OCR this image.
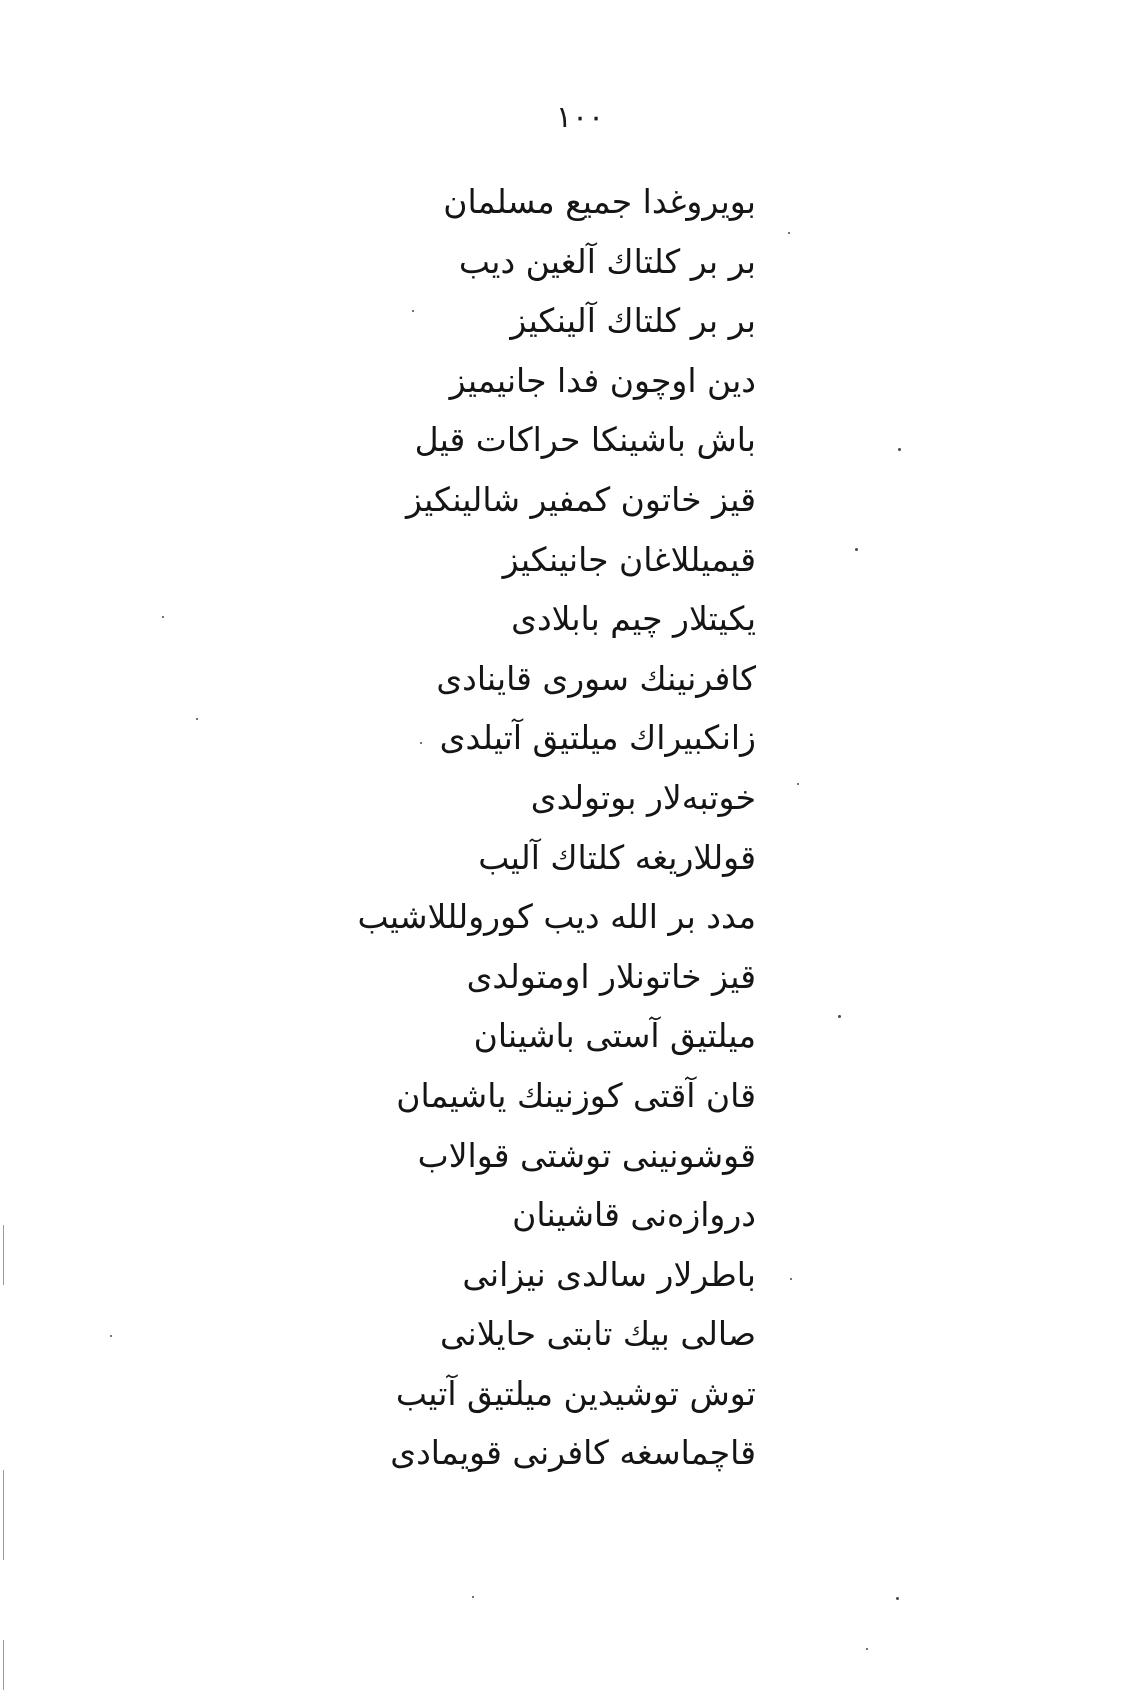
۱۰۰
بويروغدا جميع مسلمان
بر بر كلتاك آلغين ديب
بر بر كلتاك آلينكيز
دين اوچون فدا جانيميز
باش باشينكا حراكات قيل
قيز خاتون كمفير شالينكيز
قيميللاغان جانينكيز
يكيتلار چيم بابلادى
كافرنينك سورى قاينادى
زانكبيراك ميلتيق آتيلدى
خوتبه‌لار بوتولدى
قوللاريغه كلتاك آليب
مدد بر الله ديب كورولللاشيب
قيز خاتونلار اومتولدى
ميلتيق آستى باشينان
قان آقتى كوزنينك ياشيمان
قوشونينى توشتى قوالاب
دروازه‌نى قاشينان
باطرلار سالدى نيزانى
صالى بيك تابتى حايلانى
توش توشيدين ميلتيق آتيب
قاچماسغه كافرنى قويمادى
